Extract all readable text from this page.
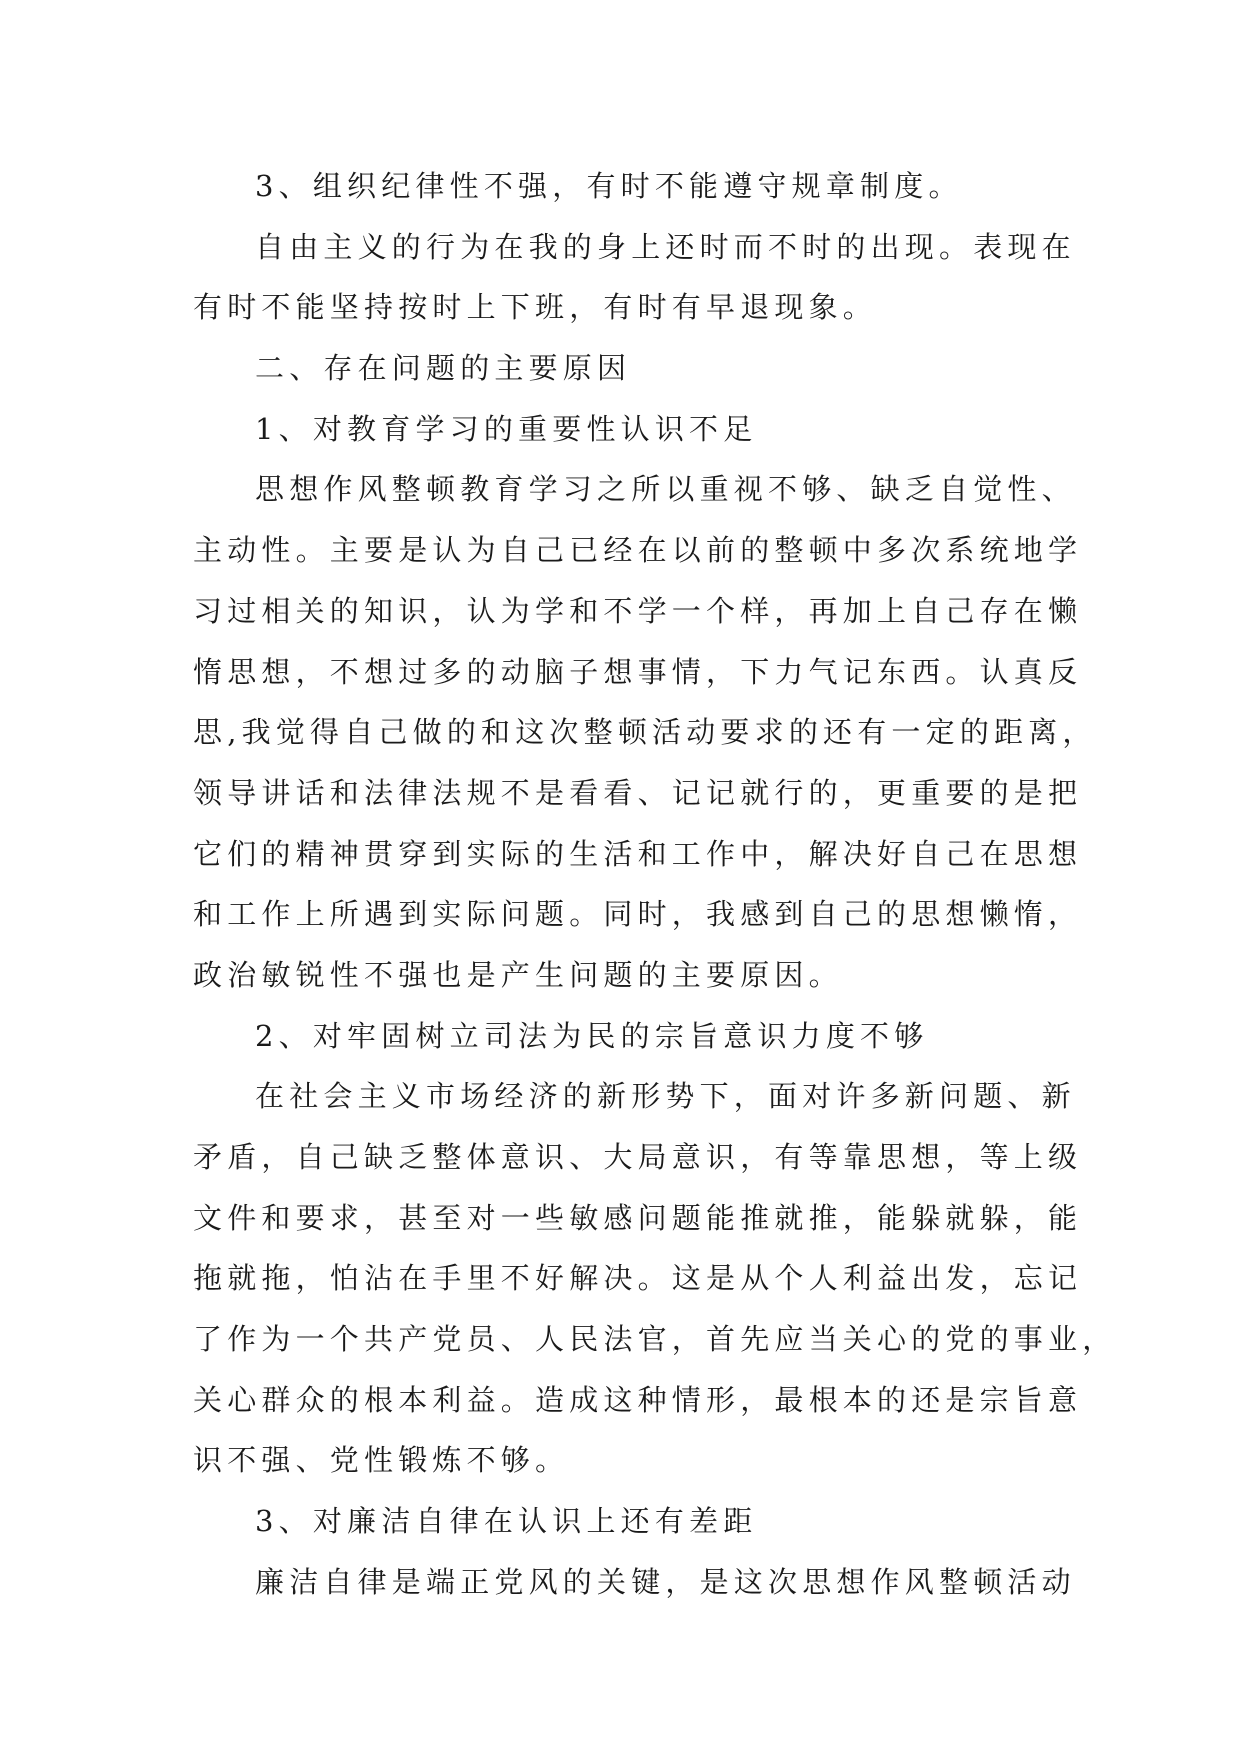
3、组织纪律性不强，有时不能遵守规章制度。
自由主义的行为在我的身上还时而不时的出现。表现在
有时不能坚持按时上下班，有时有早退现象。
二、存在问题的主要原因
1、对教育学习的重要性认识不足
思想作风整顿教育学习之所以重视不够、缺乏自觉性、
主动性。主要是认为自己已经在以前的整顿中多次系统地学
习过相关的知识，认为学和不学一个样，再加上自己存在懒
惰思想，不想过多的动脑子想事情，下力气记东西。认真反
思,我觉得自己做的和这次整顿活动要求的还有一定的距离，
领导讲话和法律法规不是看看、记记就行的，更重要的是把
它们的精神贯穿到实际的生活和工作中，解决好自己在思想
和工作上所遇到实际问题。同时，我感到自己的思想懒惰，
政治敏锐性不强也是产生问题的主要原因。
2、对牢固树立司法为民的宗旨意识力度不够
在社会主义市场经济的新形势下，面对许多新问题、新
矛盾，自己缺乏整体意识、大局意识，有等靠思想，等上级
文件和要求，甚至对一些敏感问题能推就推，能躲就躲，能
拖就拖，怕沾在手里不好解决。这是从个人利益出发，忘记
了作为一个共产党员、人民法官，首先应当关心的党的事业，
关心群众的根本利益。造成这种情形，最根本的还是宗旨意
识不强、党性锻炼不够。
3、对廉洁自律在认识上还有差距
廉洁自律是端正党风的关键，是这次思想作风整顿活动
